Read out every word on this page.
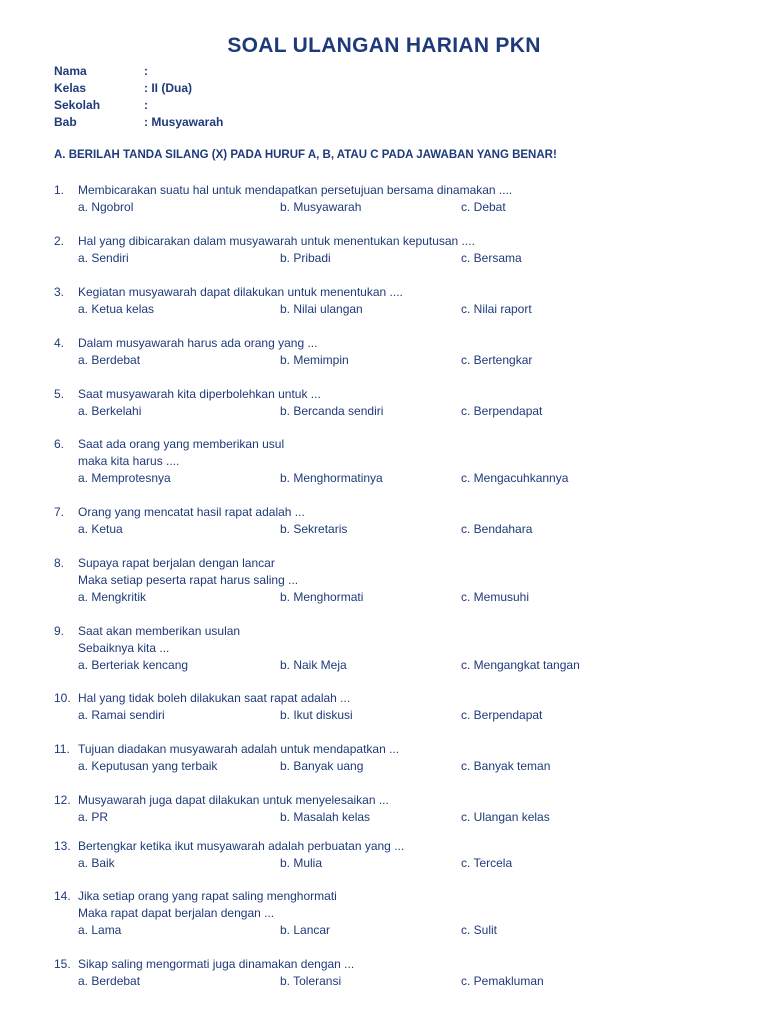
SOAL ULANGAN HARIAN PKN
Nama	:
Kelas	: II (Dua)
Sekolah	:
Bab	: Musyawarah
A. BERILAH TANDA SILANG (X) PADA HURUF A, B, ATAU C PADA JAWABAN YANG BENAR!
1.	Membicarakan suatu hal untuk mendapatkan persetujuan bersama dinamakan ....
a. Ngobrol	b. Musyawarah	c. Debat
2.	Hal yang dibicarakan dalam musyawarah untuk menentukan keputusan ....
a. Sendiri	b. Pribadi	c. Bersama
3.	Kegiatan musyawarah dapat dilakukan untuk menentukan ....
a. Ketua kelas	b. Nilai ulangan	c. Nilai raport
4.	Dalam musyawarah harus ada orang yang ...
a. Berdebat	b. Memimpin	c. Bertengkar
5.	Saat musyawarah kita diperbolehkan untuk ...
a. Berkelahi	b. Bercanda sendiri	c. Berpendapat
6.	Saat ada orang yang memberikan usul
maka kita harus ....
a. Memprotesnya	b. Menghormatinya	c. Mengacuhkannya
7.	Orang yang mencatat hasil rapat adalah ...
a. Ketua	b. Sekretaris	c. Bendahara
8.	Supaya rapat berjalan dengan lancar
Maka setiap peserta rapat harus saling ...
a. Mengkritik	b. Menghormati	c. Memusuhi
9.	Saat akan memberikan usulan
Sebaiknya kita ...
a. Berteriak kencang	b. Naik Meja	c. Mengangkat tangan
10. Hal yang tidak boleh dilakukan saat rapat adalah ...
a. Ramai sendiri	b. Ikut diskusi	c. Berpendapat
11. Tujuan diadakan musyawarah adalah untuk mendapatkan ...
a. Keputusan yang terbaik	b. Banyak uang	c. Banyak teman
12. Musyawarah juga dapat dilakukan untuk menyelesaikan ...
a. PR	b. Masalah kelas	c. Ulangan kelas
13. Bertengkar ketika ikut musyawarah adalah perbuatan yang ...
a. Baik	b. Mulia	c. Tercela
14. Jika setiap orang yang rapat saling menghormati
Maka rapat dapat berjalan dengan ...
a. Lama	b. Lancar	c. Sulit
15. Sikap saling mengormati juga dinamakan dengan ...
a. Berdebat	b. Toleransi	c. Pemakluman
